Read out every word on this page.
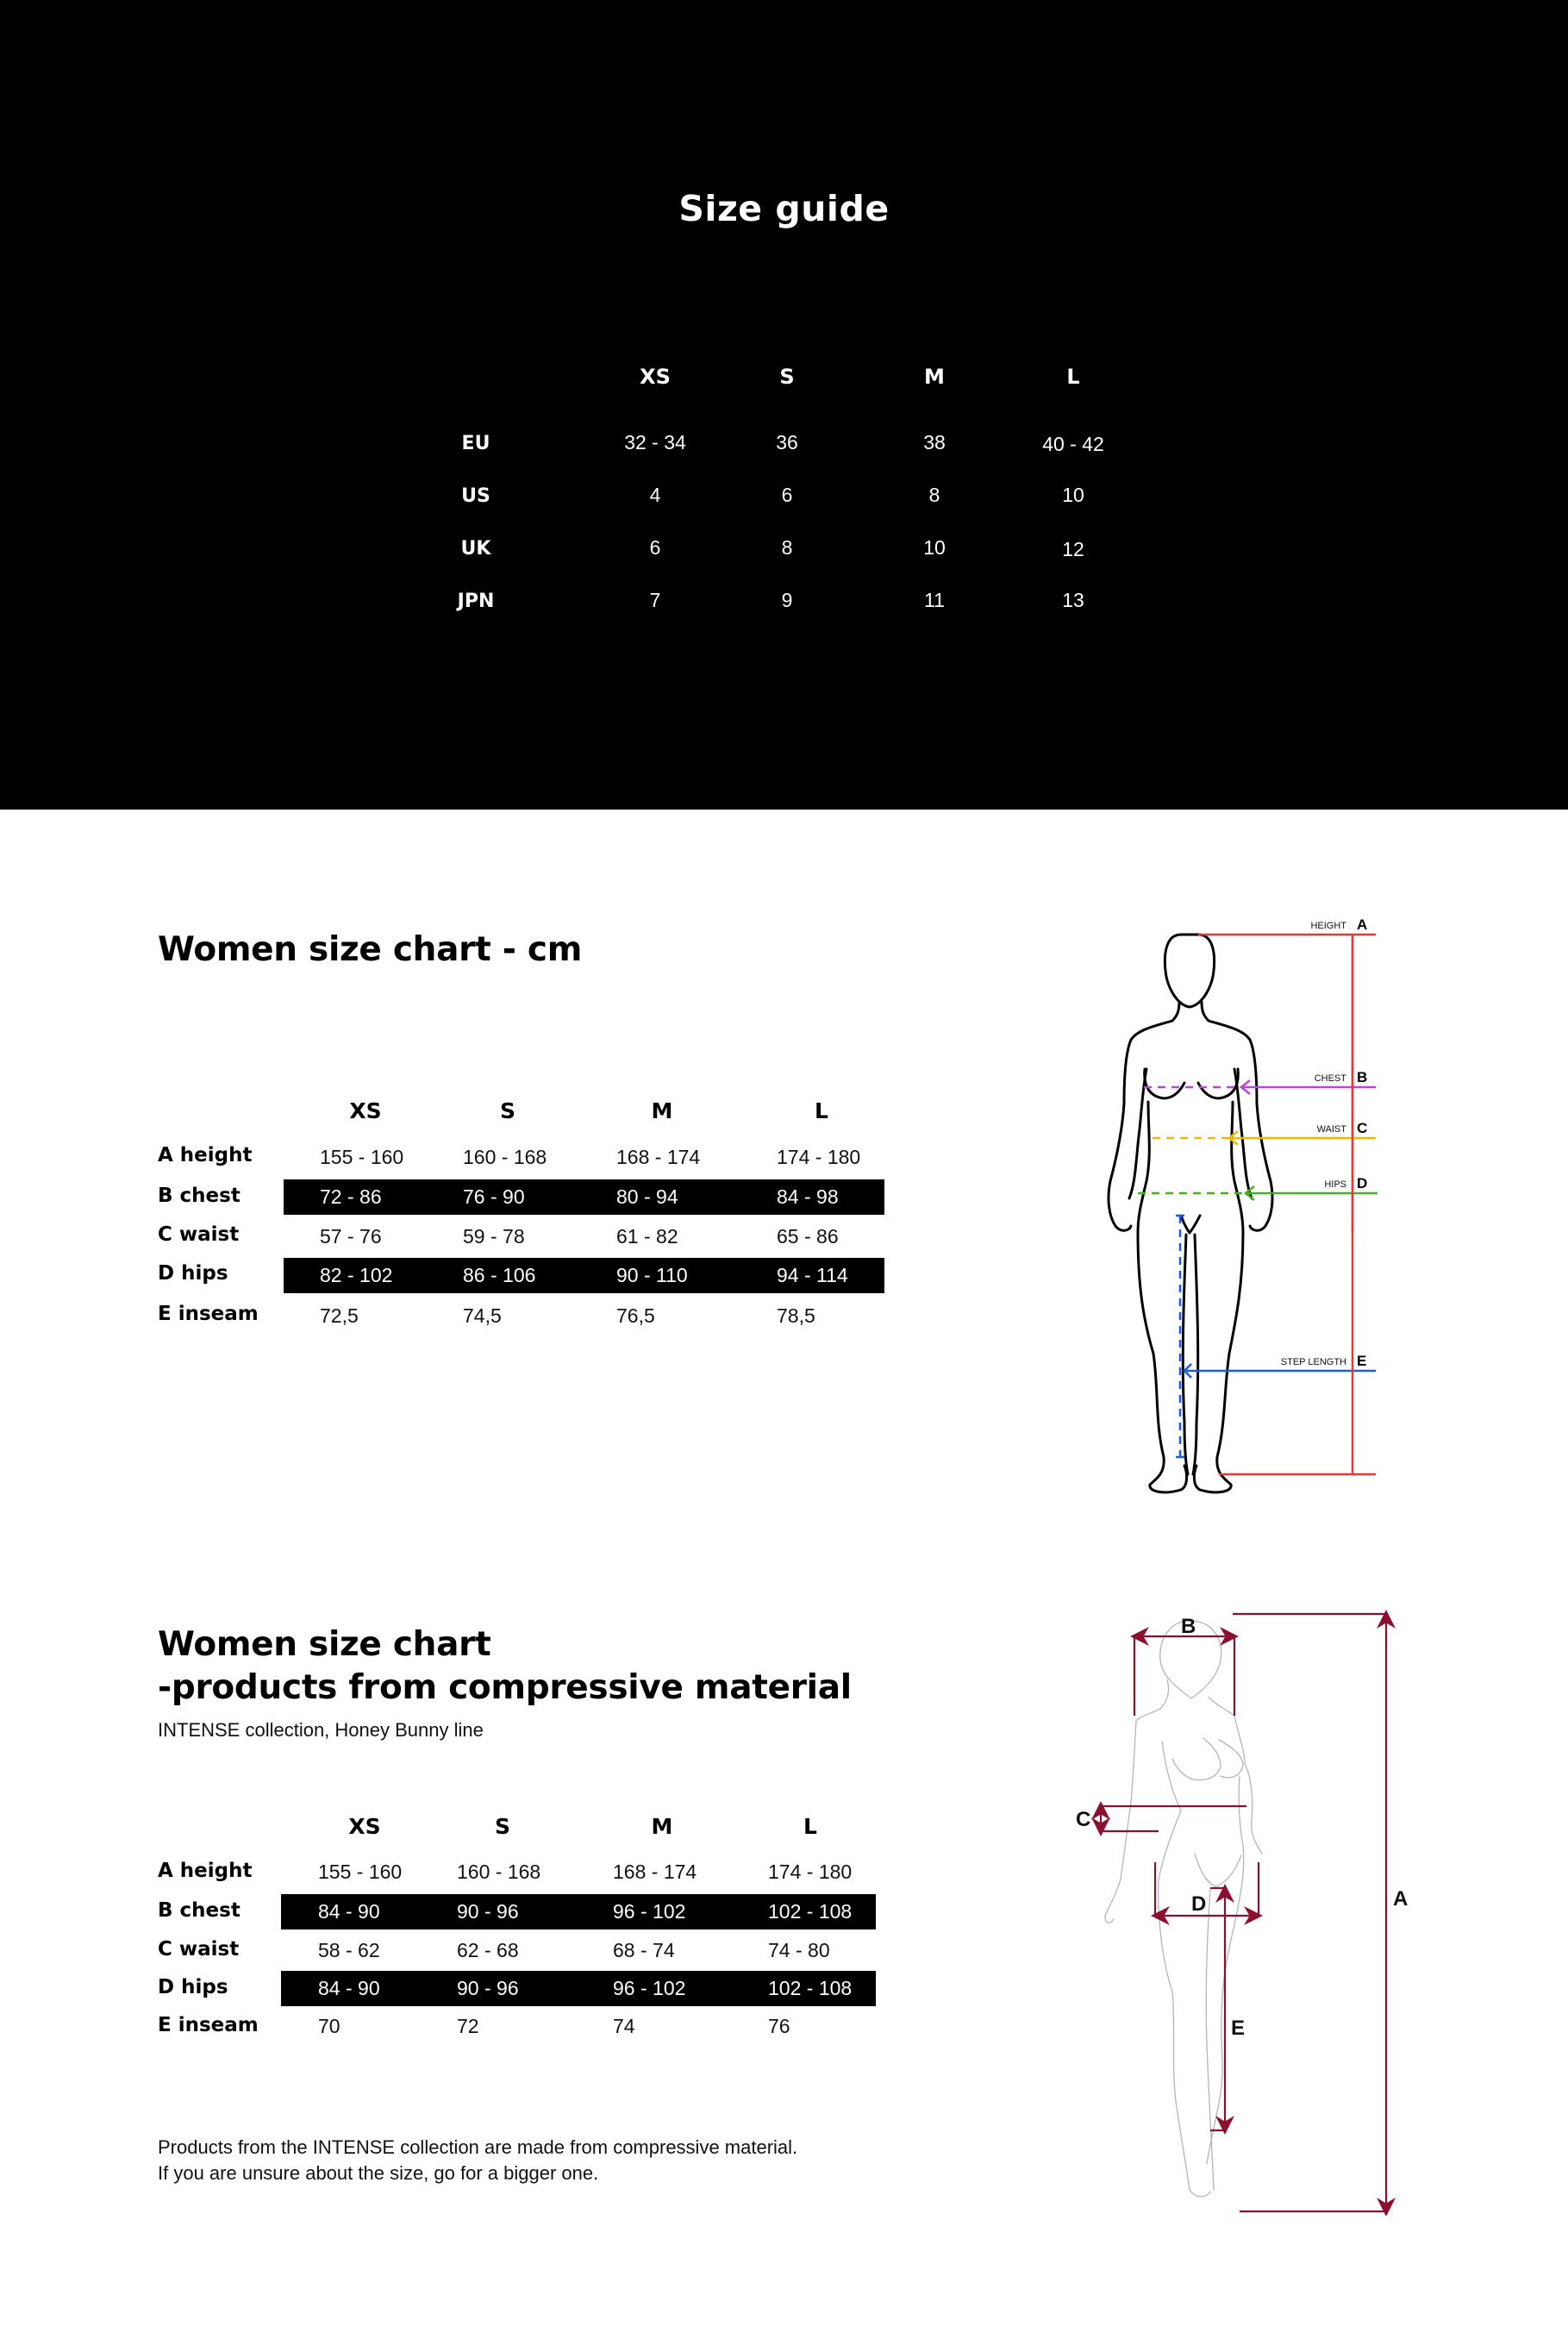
Size guide
XS	S	M	L
EU	32 - 34	36	38	40 - 42
US	4	6	8	10
UK	6	8	10	12
JPN	7	9	11	13
Women size chart - cm
XS	S	M	L
A height	155 - 160	160 - 168	168 - 174	174 - 180
B chest	72 - 86	76 - 90	80 - 94	84 - 98
C waist	57 - 76	59 - 78	61 - 82	65 - 86
D hips	82 - 102	86 - 106	90 - 110	94 - 114
E inseam	72,5	74,5	76,5	78,5
HEIGHT
CHEST
WAIST
HIPS
STEP LENGTH
A
B
C
D
E
Women size chart
-products from compressive material
INTENSE collection, Honey Bunny line
XS	S	M	L
A height	155 - 160	160 - 168	168 - 174	174 - 180
B chest	84 - 90	90 - 96	96 - 102	102 - 108
C waist	58 - 62	62 - 68	68 - 74	74 - 80
D hips	84 - 90	90 - 96	96 - 102	102 - 108
E inseam	70	72	74	76
Products from the INTENSE collection are made from compressive material.
If you are unsure about the size, go for a bigger one.
A
B
C
D
E
